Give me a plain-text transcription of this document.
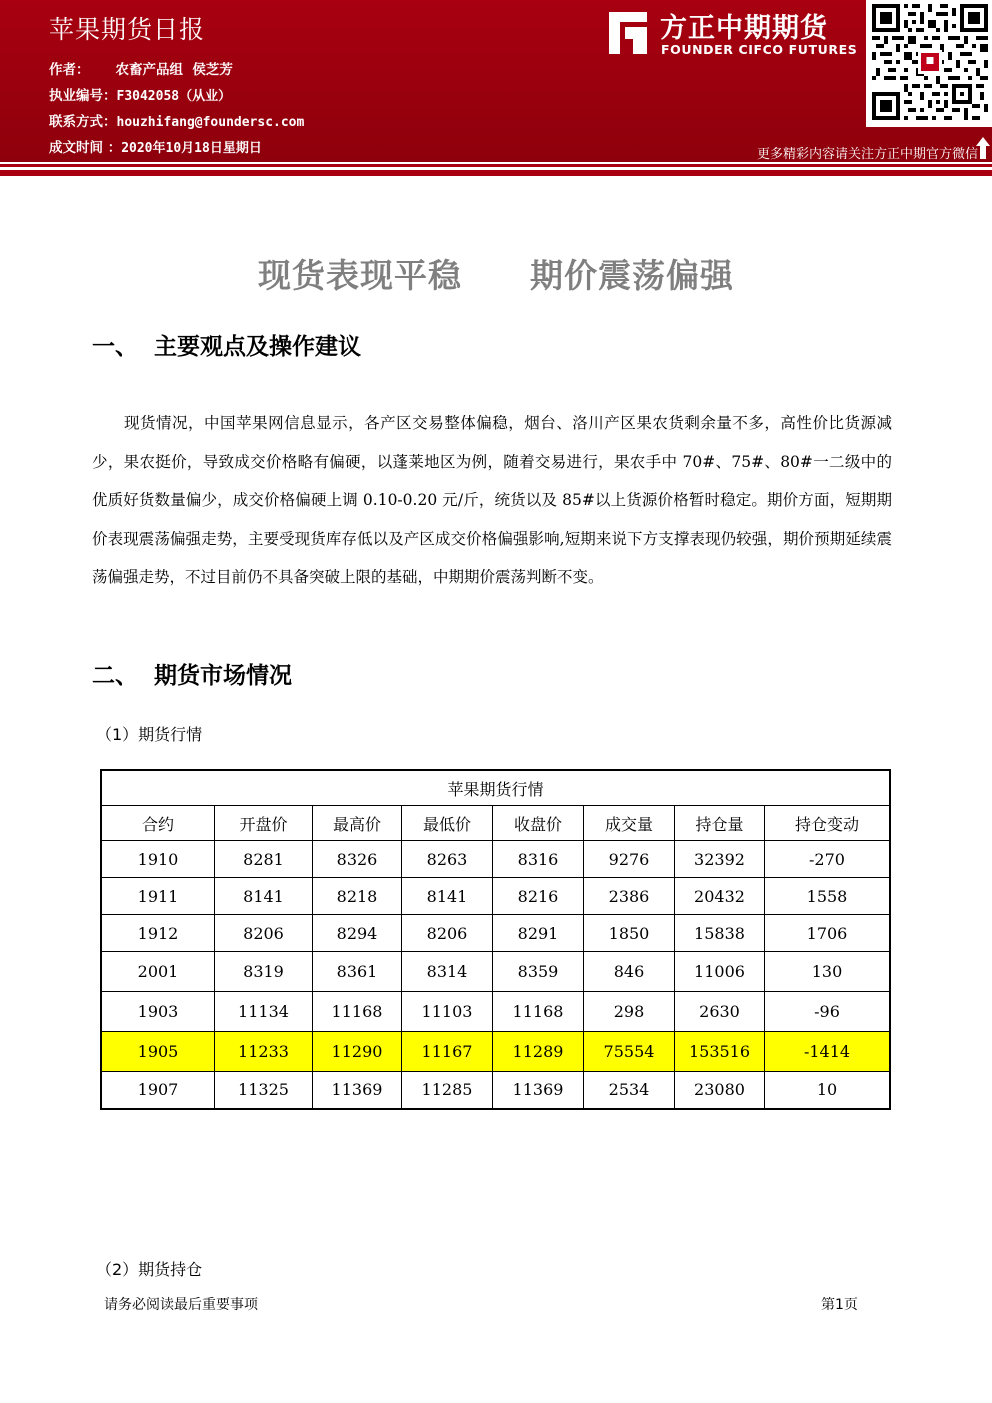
苹果期货日报
作者： 农畜产品组 侯芝芳
执业编号：F3042058（从业）
联系方式：houzhifang@foundersc.com
成文时间 ：2020年10月18日星期日
方正中期期货
FOUNDER CIFCO FUTURES
更多精彩内容请关注方正中期官方微信
现货表现平稳　　期价震荡偏强
一、 主要观点及操作建议

现货情况，中国苹果网信息显示，各产区交易整体偏稳，烟台、洛川产区果农货剩余量不多，高性价比货源减少，果农挺价，导致成交价格略有偏硬，以蓬莱地区为例，随着交易进行，果农手中 70#、75#、80#一二级中的优质好货数量偏少，成交价格偏硬上调 0.10-0.20 元/斤，统货以及 85#以上货源价格暂时稳定。期价方面，短期期价表现震荡偏强走势，主要受现货库存低以及产区成交价格偏强影响,短期来说下方支撑表现仍较强，期价预期延续震荡偏强走势，不过目前仍不具备突破上限的基础，中期期价震荡判断不变。

二、 期货市场情况
（1）期货行情
苹果期货行情							
合约	开盘价	最高价	最低价	收盘价	成交量	持仓量	持仓变动
1910	8281	8326	8263	8316	9276	32392	-270
1911	8141	8218	8141	8216	2386	20432	1558
1912	8206	8294	8206	8291	1850	15838	1706
2001	8319	8361	8314	8359	846	11006	130
1903	11134	11168	11103	11168	298	2630	-96
1905	11233	11290	11167	11289	75554	153516	-1414
1907	11325	11369	11285	11369	2534	23080	10
（2）期货持仓
请务必阅读最后重要事项	第1页
